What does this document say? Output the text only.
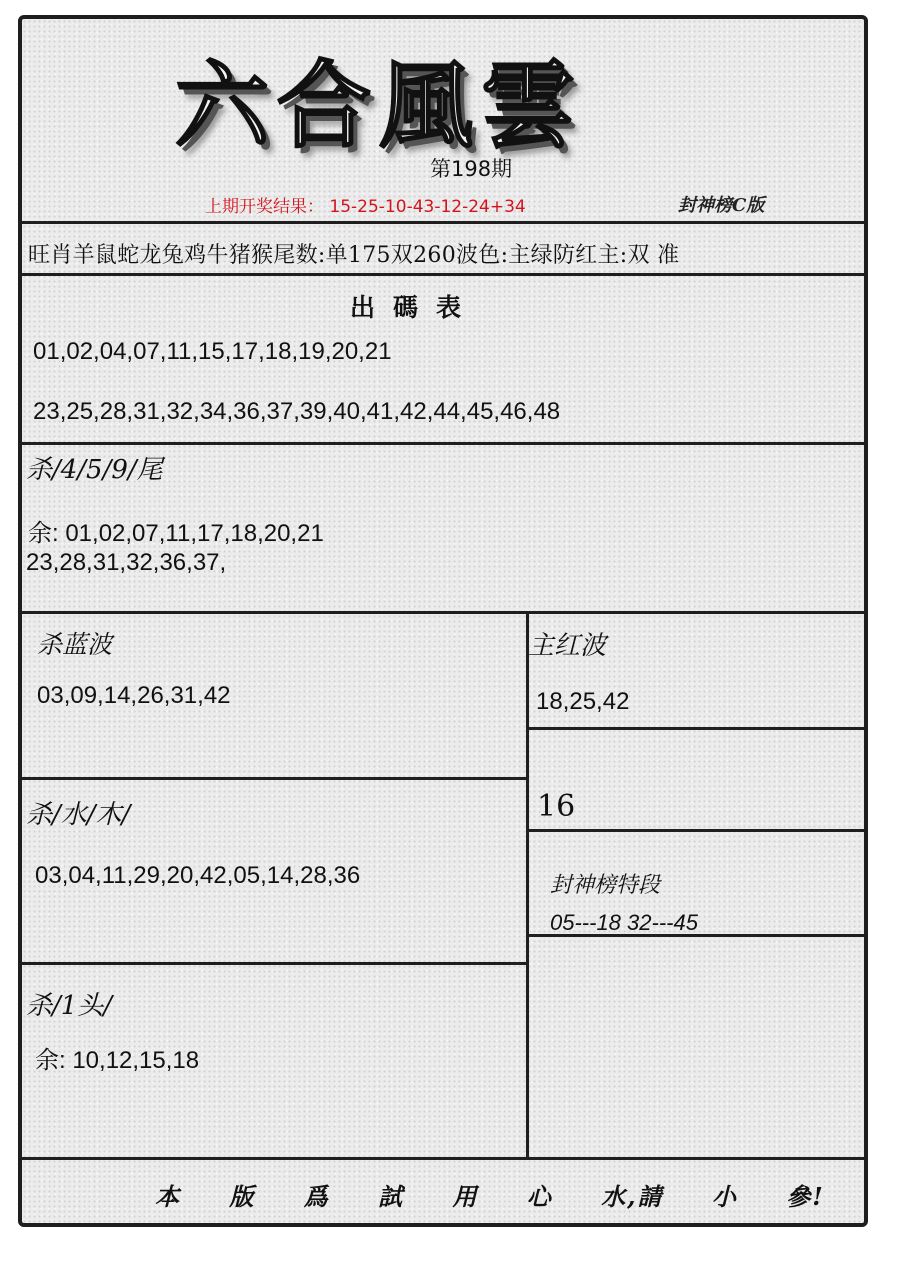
六合風雲
第198期
上期开奖结果： 15-25-10-43-12-24+34	封神榜C版
旺肖羊鼠蛇龙兔鸡牛猪猴尾数:单175双260波色:主绿防红主:双 准
出碼表
01,02,04,07,11,15,17,18,19,20,21
23,25,28,31,32,34,36,37,39,40,41,42,44,45,46,48
杀/4/5/9/尾
余: 01,02,07,11,17,18,20,21
23,28,31,32,36,37,
杀蓝波
03,09,14,26,31,42
杀/水/木/
03,04,11,29,20,42,05,14,28,36
杀/1头/
余: 10,12,15,18
主红波
18,25,42
16
封神榜特段
05---18 32---45
本 版 爲 試 用 心 水,請 小 參!
